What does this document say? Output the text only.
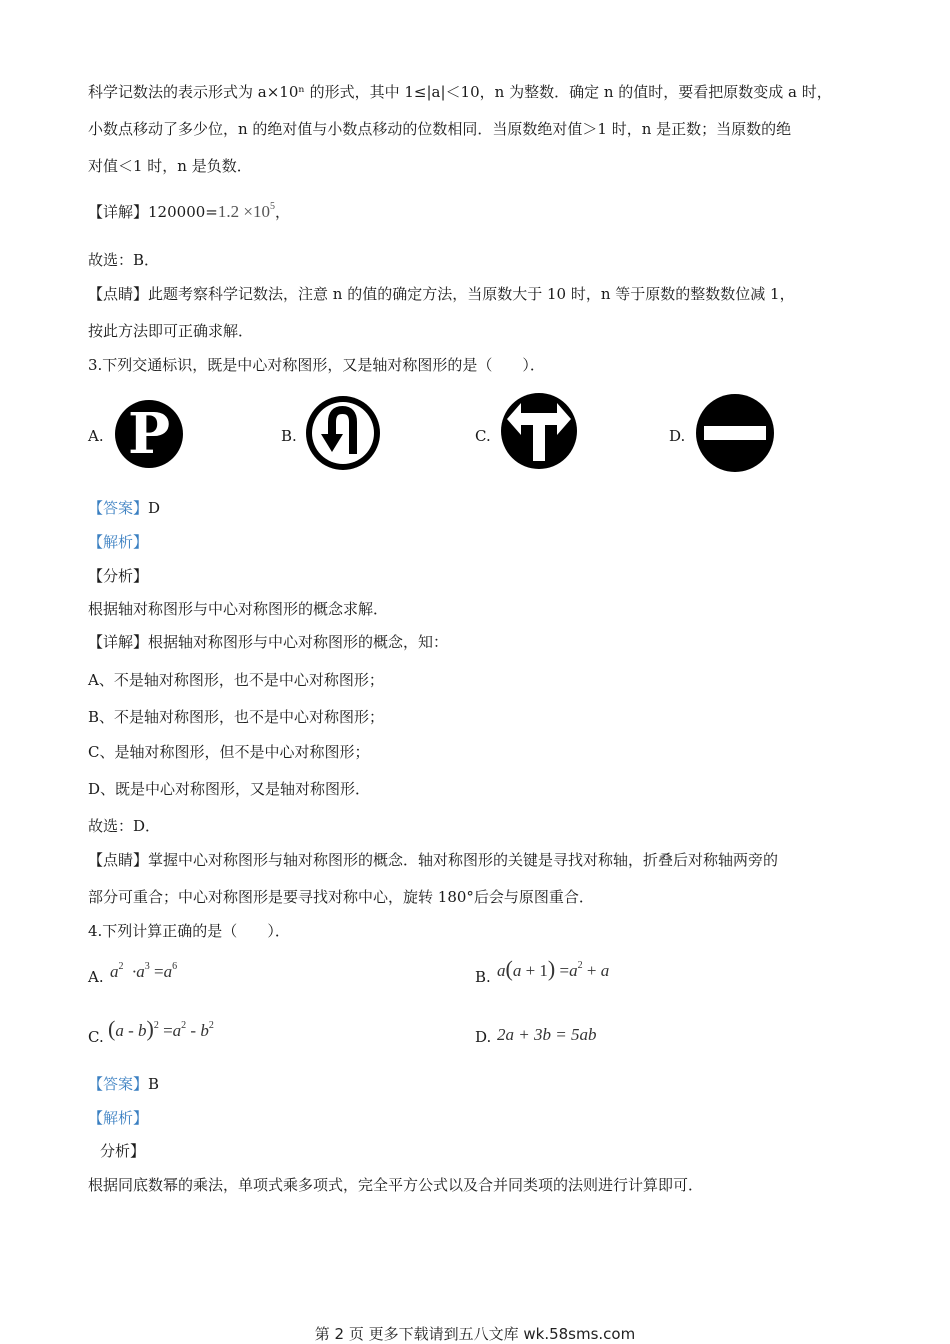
科学记数法的表示形式为 a×10ⁿ 的形式，其中 1≤|a|＜10，n 为整数．确定 n 的值时，要看把原数变成 a 时，
小数点移动了多少位，n 的绝对值与小数点移动的位数相同．当原数绝对值＞1 时，n 是正数；当原数的绝
对值＜1 时，n 是负数．
【详解】$120000=1.2 \times 10^5$，
故选：B．
【点睛】此题考察科学记数法，注意 n 的值的确定方法，当原数大于 10 时，n 等于原数的整数数位减 1，
按此方法即可正确求解．
3.下列交通标识，既是中心对称图形，又是轴对称图形的是（　　）．
A. P	B.	C.	D.
【答案】D
【解析】
【分析】
根据轴对称图形与中心对称图形的概念求解．
【详解】根据轴对称图形与中心对称图形的概念，知：
A、不是轴对称图形，也不是中心对称图形；
B、不是轴对称图形，也不是中心对称图形；
C、是轴对称图形，但不是中心对称图形；
D、既是中心对称图形，又是轴对称图形．
故选：D．
【点睛】掌握中心对称图形与轴对称图形的概念．轴对称图形的关键是寻找对称轴，折叠后对称轴两旁的
部分可重合；中心对称图形是要寻找对称中心，旋转 180°后会与原图重合．
4.下列计算正确的是（　　）．
A. $a^2 \cdot a^3 =a^6$
B. $a(a + 1) =a^2 + a$
C. $(a - b)^2 =a^2 - b^2$
D. 2a + 3b = 5ab
【答案】B
【解析】
分析】
根据同底数幂的乘法，单项式乘多项式，完全平方公式以及合并同类项的法则进行计算即可．
第 2 页 更多下载请到五八文库 wk.58sms.com
